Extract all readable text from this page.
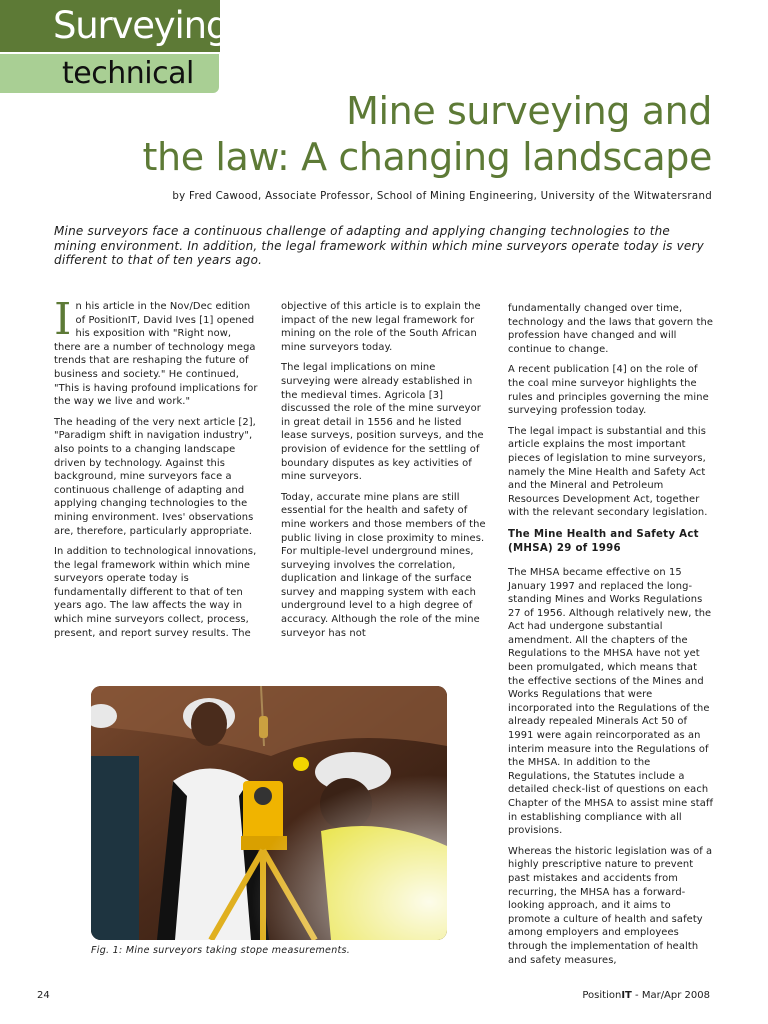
Surveying
technical
Mine surveying and
the law: A changing landscape
by Fred Cawood, Associate Professor, School of Mining Engineering, University of the Witwatersrand

Mine surveyors face a continuous challenge of adapting and applying changing technologies to the mining environment. In addition, the legal framework within which mine surveyors operate today is very different to that of ten years ago.

In his article in the Nov/Dec edition of PositionIT, David Ives [1] opened his exposition with "Right now, there are a number of technology mega trends that are reshaping the future of business and society." He continued, "This is having profound implications for the way we live and work."

The heading of the very next article [2], "Paradigm shift in navigation industry", also points to a changing landscape driven by technology. Against this background, mine surveyors face a continuous challenge of adapting and applying changing technologies to the mining environment. Ives' observations are, therefore, particularly appropriate.

In addition to technological innovations, the legal framework within which mine surveyors operate today is fundamentally different to that of ten years ago. The law affects the way in which mine surveyors collect, process, present, and report survey results. The

objective of this article is to explain the impact of the new legal framework for mining on the role of the South African mine surveyors today.

The legal implications on mine surveying were already established in the medieval times. Agricola [3] discussed the role of the mine surveyor in great detail in 1556 and he listed lease surveys, position surveys, and the provision of evidence for the settling of boundary disputes as key activities of mine surveyors.

Today, accurate mine plans are still essential for the health and safety of mine workers and those members of the public living in close proximity to mines. For multiple-level underground mines, surveying involves the correlation, duplication and linkage of the surface survey and mapping system with each underground level to a high degree of accuracy. Although the role of the mine surveyor has not

fundamentally changed over time, technology and the laws that govern the profession have changed and will continue to change.

A recent publication [4] on the role of the coal mine surveyor highlights the rules and principles governing the mine surveying profession today.

The legal impact is substantial and this article explains the most important pieces of legislation to mine surveyors, namely the Mine Health and Safety Act and the Mineral and Petroleum Resources Development Act, together with the relevant secondary legislation.

The Mine Health and Safety Act (MHSA) 29 of 1996

The MHSA became effective on 15 January 1997 and replaced the long-standing Mines and Works Regulations 27 of 1956. Although relatively new, the Act had undergone substantial amendment. All the chapters of the Regulations to the MHSA have not yet been promulgated, which means that the effective sections of the Mines and Works Regulations that were incorporated into the Regulations of the already repealed Minerals Act 50 of 1991 were again reincorporated as an interim measure into the Regulations of the MHSA. In addition to the Regulations, the Statutes include a detailed check-list of questions on each Chapter of the MHSA to assist mine staff in establishing compliance with all provisions.

Whereas the historic legislation was of a highly prescriptive nature to prevent past mistakes and accidents from recurring, the MHSA has a forward-looking approach, and it aims to promote a culture of health and safety among employers and employees through the implementation of health and safety measures,

Fig. 1: Mine surveyors taking stope measurements.
24	PositionIT - Mar/Apr 2008
